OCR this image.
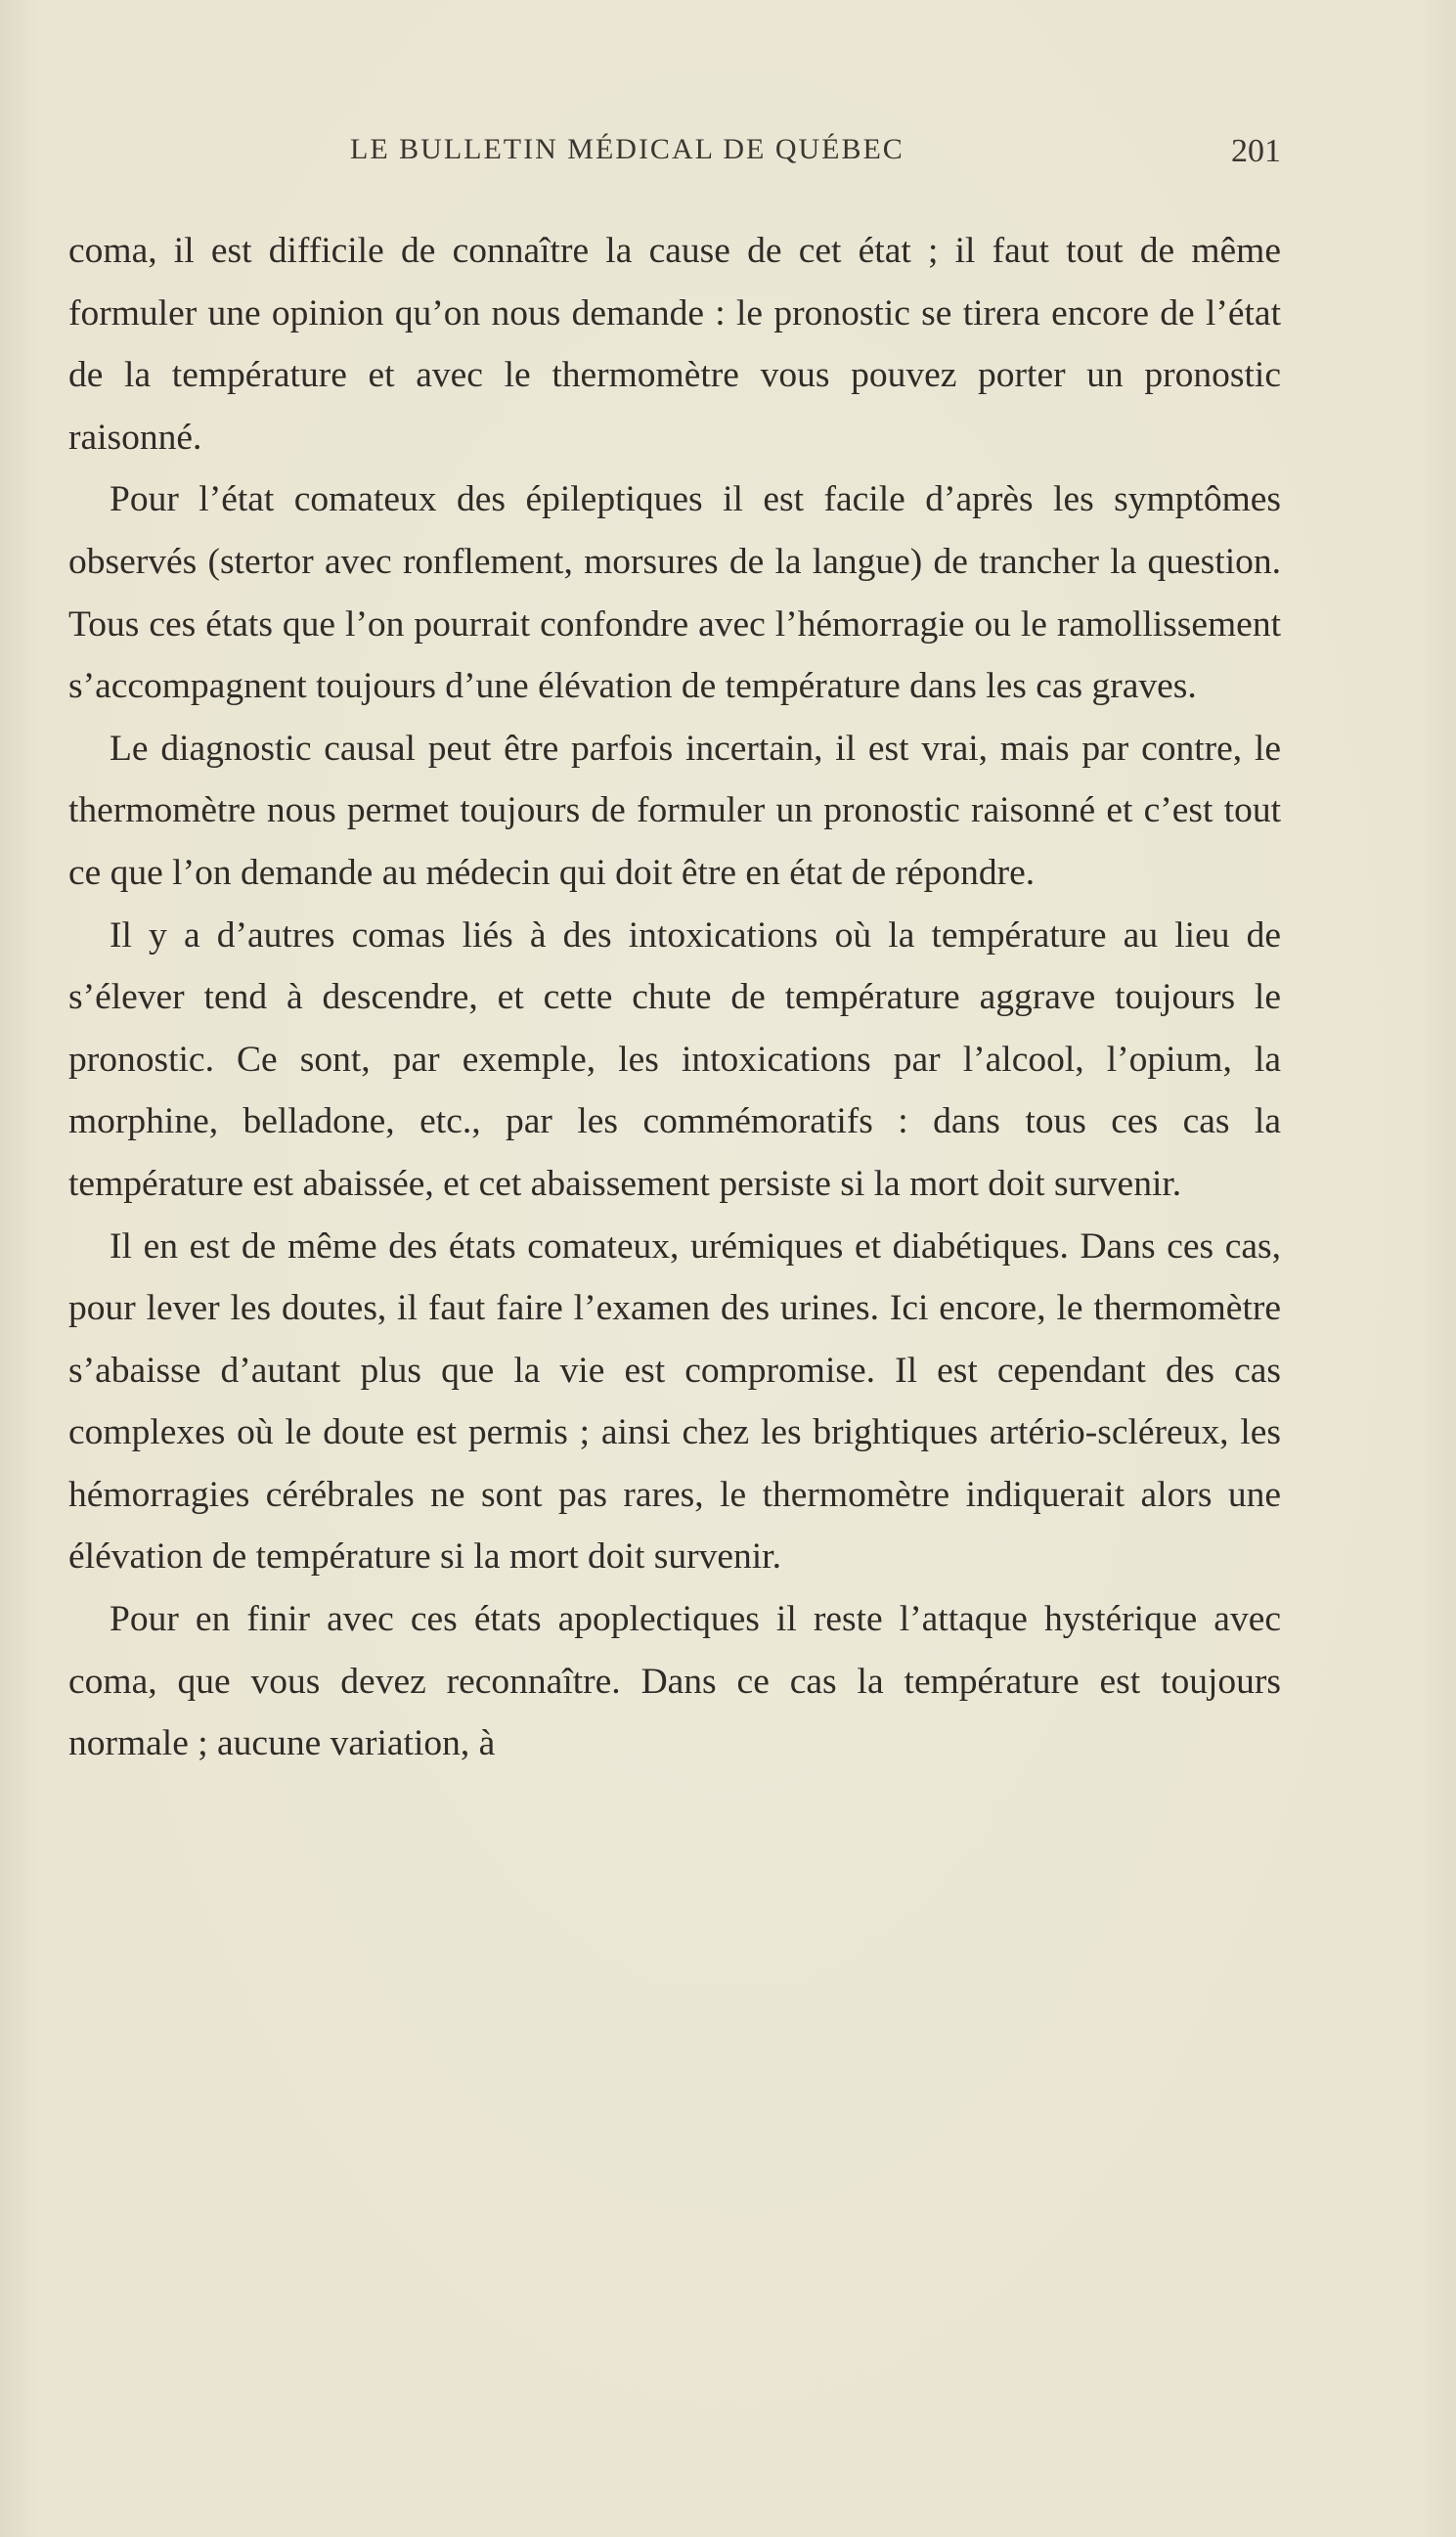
LE BULLETIN MÉDICAL DE QUÉBEC	201

coma, il est difficile de connaître la cause de cet état ; il faut tout de même formuler une opinion qu’on nous demande : le pronostic se tirera encore de l’état de la température et avec le thermomètre vous pouvez porter un pronostic raisonné.

Pour l’état comateux des épileptiques il est facile d’après les symptômes observés (stertor avec ronflement, morsures de la langue) de trancher la question. Tous ces états que l’on pourrait confondre avec l’hémorragie ou le ramollissement s’accompagnent toujours d’une élévation de température dans les cas graves.

Le diagnostic causal peut être parfois incertain, il est vrai, mais par contre, le thermomètre nous permet toujours de formuler un pronostic raisonné et c’est tout ce que l’on demande au médecin qui doit être en état de répondre.

Il y a d’autres comas liés à des intoxications où la température au lieu de s’élever tend à descendre, et cette chute de température aggrave toujours le pronostic. Ce sont, par exemple, les intoxications par l’alcool, l’opium, la morphine, belladone, etc., par les commémoratifs : dans tous ces cas la température est abaissée, et cet abaissement persiste si la mort doit survenir.

Il en est de même des états comateux, urémiques et diabétiques. Dans ces cas, pour lever les doutes, il faut faire l’examen des urines. Ici encore, le thermomètre s’abaisse d’autant plus que la vie est compromise. Il est cependant des cas complexes où le doute est permis ; ainsi chez les brightiques artério-scléreux, les hémorragies cérébrales ne sont pas rares, le thermomètre indiquerait alors une élévation de température si la mort doit survenir.

Pour en finir avec ces états apoplectiques il reste l’attaque hystérique avec coma, que vous devez reconnaître. Dans ce cas la température est toujours normale ; aucune variation, à
